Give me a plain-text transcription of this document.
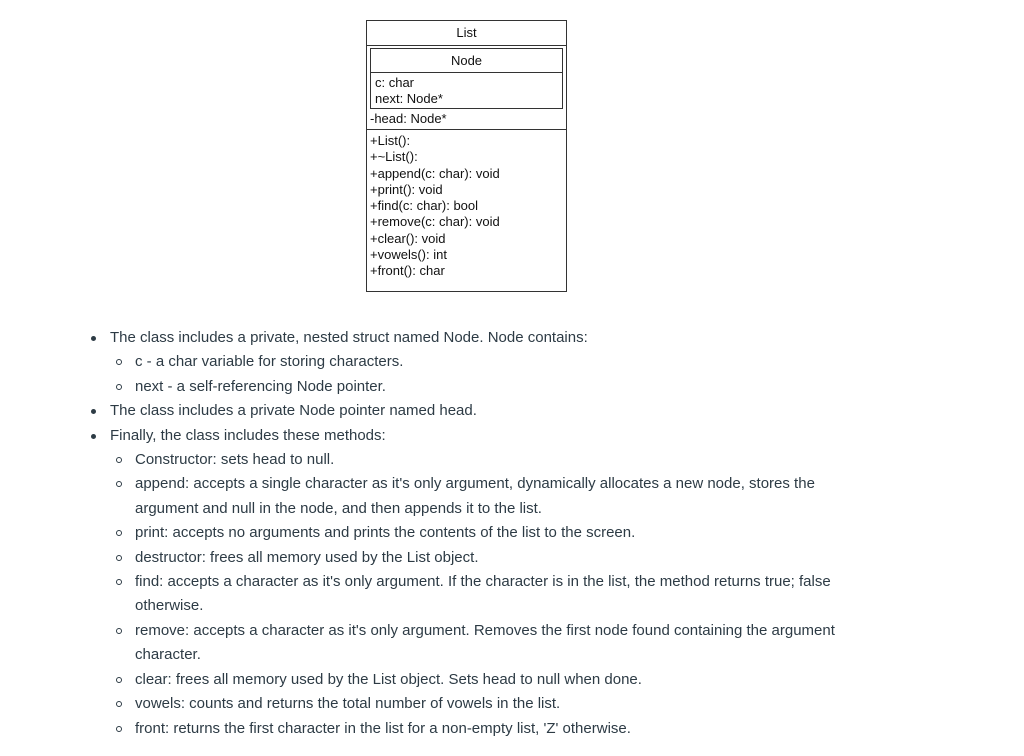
List
Node
c: char
next: Node*
-head: Node*
+List():
+~List():
+append(c: char): void
+print(): void
+find(c: char): bool
+remove(c: char): void
+clear(): void
+vowels(): int
+front(): char
The class includes a private, nested struct named Node. Node contains:
c - a char variable for storing characters.
next - a self-referencing Node pointer.
The class includes a private Node pointer named head.
Finally, the class includes these methods:
Constructor: sets head to null.
append: accepts a single character as it's only argument, dynamically allocates a new node, stores the argument and null in the node, and then appends it to the list.
print: accepts no arguments and prints the contents of the list to the screen.
destructor: frees all memory used by the List object.
find: accepts a character as it's only argument. If the character is in the list, the method returns true; false otherwise.
remove: accepts a character as it's only argument. Removes the first node found containing the argument character.
clear: frees all memory used by the List object. Sets head to null when done.
vowels: counts and returns the total number of vowels in the list.
front: returns the first character in the list for a non-empty list, 'Z' otherwise.
